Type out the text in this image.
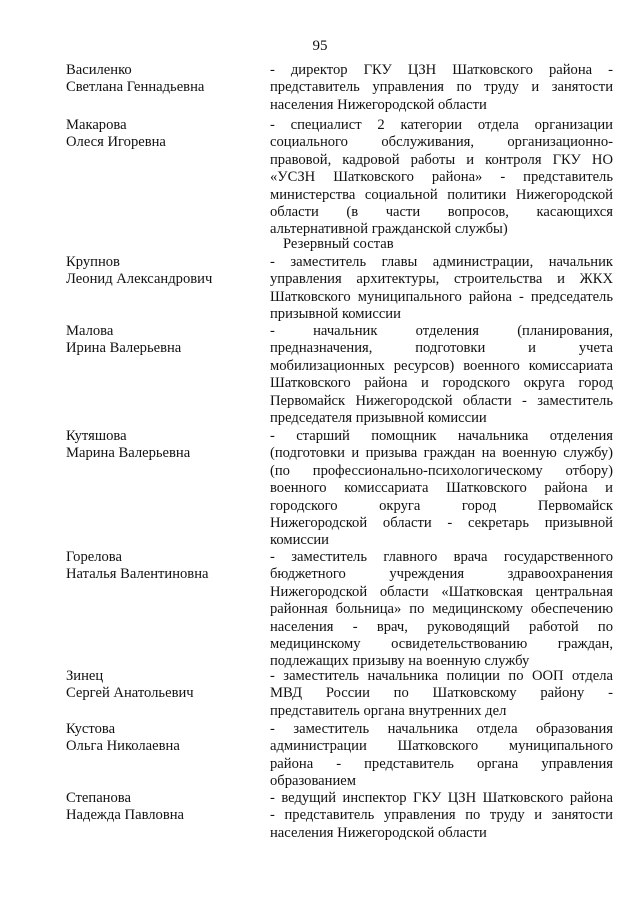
95
Резервный состав
Василенко
Светлана Геннадьевна
- директор ГКУ ЦЗН Шатковского района -
представитель управления по труду и занятости
населения Нижегородской области
Макарова
Олеся Игоревна
- специалист 2 категории отдела организации
социального обслуживания, организационно-
правовой, кадровой работы и контроля ГКУ НО
«УСЗН Шатковского района» - представитель
министерства социальной политики Нижегородской
области (в части вопросов, касающихся
альтернативной гражданской службы)
Крупнов
Леонид Александрович
- заместитель главы администрации, начальник
управления архитектуры, строительства и ЖКХ
Шатковского муниципального района - председатель
призывной комиссии
Малова
Ирина Валерьевна
- начальник отделения (планирования,
предназначения, подготовки и учета
мобилизационных ресурсов) военного комиссариата
Шатковского района и городского округа город
Первомайск Нижегородской области - заместитель
председателя призывной комиссии
Кутяшова
Марина Валерьевна
- старший помощник начальника отделения
(подготовки и призыва граждан на военную службу)
(по профессионально-психологическому отбору)
военного комиссариата Шатковского района и
городского округа город Первомайск
Нижегородской области - секретарь призывной
комиссии
Горелова
Наталья Валентиновна
- заместитель главного врача государственного
бюджетного учреждения здравоохранения
Нижегородской области «Шатковская центральная
районная больница» по медицинскому обеспечению
населения - врач, руководящий работой по
медицинскому освидетельствованию граждан,
подлежащих призыву на военную службу
Зинец
Сергей Анатольевич
- заместитель начальника полиции по ООП отдела
МВД России по Шатковскому району -
представитель органа внутренних дел
Кустова
Ольга Николаевна
- заместитель начальника отдела образования
администрации Шатковского муниципального
района - представитель органа управления
образованием
Степанова
Надежда Павловна
- ведущий инспектор ГКУ ЦЗН Шатковского района
- представитель управления по труду и занятости
населения Нижегородской области
